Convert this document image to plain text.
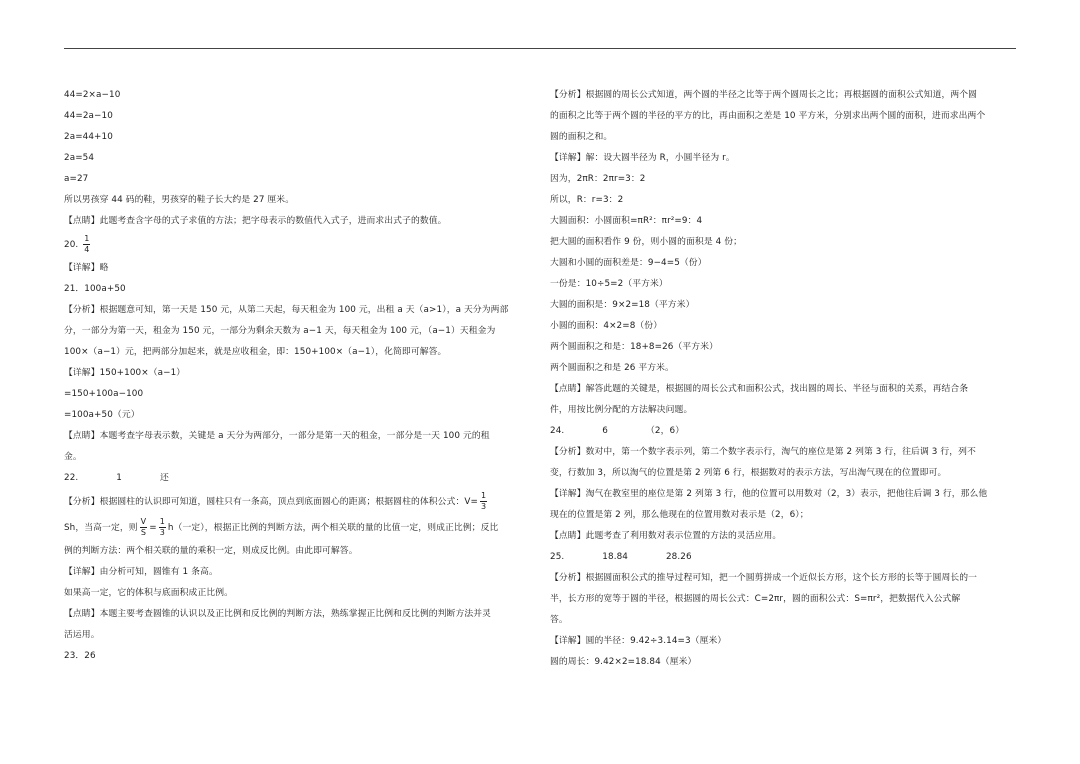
44=2×a−10
44=2a−10
2a=44+10
2a=54
a=27
所以男孩穿 44 码的鞋，男孩穿的鞋子长大约是 27 厘米。
【点睛】此题考查含字母的式子求值的方法；把字母表示的数值代入式子，进而求出式子的数值。
20. $\frac{1}{4}$
【详解】略
21．100a+50
【分析】根据题意可知，第一天是 150 元，从第二天起，每天租金为 100 元，出租 a 天（a>1），a 天分为两部
分，一部分为第一天，租金为 150 元，一部分为剩余天数为 a−1 天，每天租金为 100 元，（a−1）天租金为
100×（a−1）元，把两部分加起来，就是应收租金，即：150+100×（a−1），化简即可解答。
【详解】150+100×（a−1）
=150+100a−100
=100a+50（元）
【点睛】本题考查字母表示数，关键是 a 天分为两部分，一部分是第一天的租金，一部分是一天 100 元的租
金。
22.	1	还
【分析】根据圆柱的认识即可知道，圆柱只有一条高，顶点到底面圆心的距离；根据圆柱的体积公式：$V= \frac{1}{3}$
Sh，当高一定，则 $\frac{V}{S} = \frac{1}{3} h$（一定），根据正比例的判断方法，两个相关联的量的比值一定，则成正比例；反比
例的判断方法：两个相关联的量的乘积一定，则成反比例。由此即可解答。
【详解】由分析可知，圆锥有 1 条高。
如果高一定，它的体积与底面积成正比例。
【点睛】本题主要考查圆锥的认识以及正比例和反比例的判断方法，熟练掌握正比例和反比例的判断方法并灵
活运用。
23．26
【分析】根据圆的周长公式知道，两个圆的半径之比等于两个圆周长之比；再根据圆的面积公式知道，两个圆
的面积之比等于两个圆的半径的平方的比，再由面积之差是 10 平方米，分别求出两个圆的面积，进而求出两个
圆的面积之和。
【详解】解：设大圆半径为 R，小圆半径为 r。
因为，2πR：2πr=3：2
所以，R：r=3：2
大圆面积：小圆面积=πR²：πr²=9：4
把大圆的面积看作 9 份，则小圆的面积是 4 份；
大圆和小圆的面积差是：9−4=5（份）
一份是：10÷5=2（平方米）
大圆的面积是：9×2=18（平方米）
小圆的面积：4×2=8（份）
两个圆面积之和是：18+8=26（平方米）
两个圆面积之和是 26 平方米。
【点睛】解答此题的关键是，根据圆的周长公式和面积公式，找出圆的周长、半径与面积的关系，再结合条
件，用按比例分配的方法解决问题。
24.	6	（2，6）
【分析】数对中，第一个数字表示列，第二个数字表示行，淘气的座位是第 2 列第 3 行，往后调 3 行，列不
变，行数加 3，所以淘气的位置是第 2 列第 6 行，根据数对的表示方法，写出淘气现在的位置即可。
【详解】淘气在教室里的座位是第 2 列第 3 行，他的位置可以用数对（2，3）表示，把他往后调 3 行，那么他
现在的位置是第 2 列，那么他现在的位置用数对表示是（2，6）；
【点睛】此题考查了利用数对表示位置的方法的灵活应用。
25.	18.84	28.26
【分析】根据圆面积公式的推导过程可知，把一个圆剪拼成一个近似长方形，这个长方形的长等于圆周长的一
半，长方形的宽等于圆的半径，根据圆的周长公式：C=2πr，圆的面积公式：S=πr²，把数据代入公式解
答。
【详解】圆的半径：9.42÷3.14=3（厘米）
圆的周长：9.42×2=18.84（厘米）
